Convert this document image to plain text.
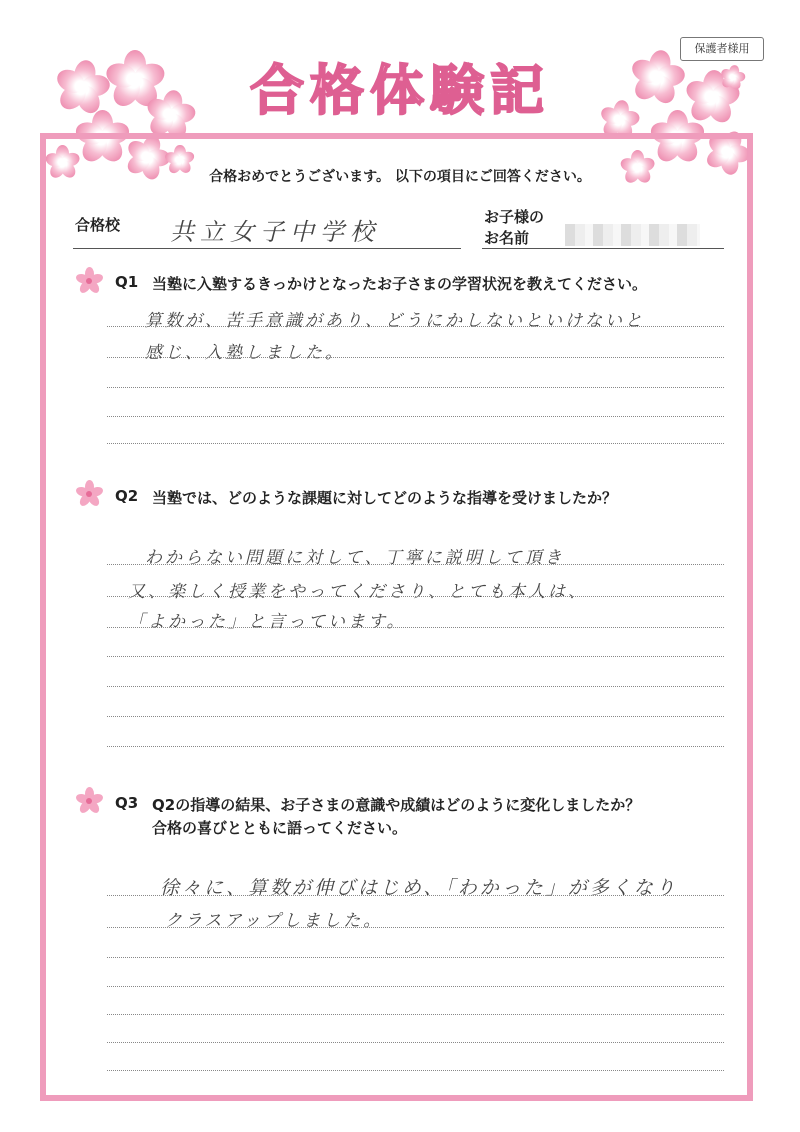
保護者様用
合格体験記
合格おめでとうございます。 以下の項目にご回答ください。
合格校 共立女子中学校
お子様の
お名前
Q1 当塾に入塾するきっかけとなったお子さまの学習状況を教えてください。
算数が、苦手意識があり、どうにかしないといけないと
感じ、入塾しました。
Q2 当塾では、どのような課題に対してどのような指導を受けましたか？
わからない問題に対して、丁寧に説明して頂き
又、楽しく授業をやってくださり、とても本人は、
「よかった」と言っています。
Q3 Q2の指導の結果、お子さまの意識や成績はどのように変化しましたか？
合格の喜びとともに語ってください。
徐々に、算数が伸びはじめ、「わかった」が多くなり
クラスアップしました。
